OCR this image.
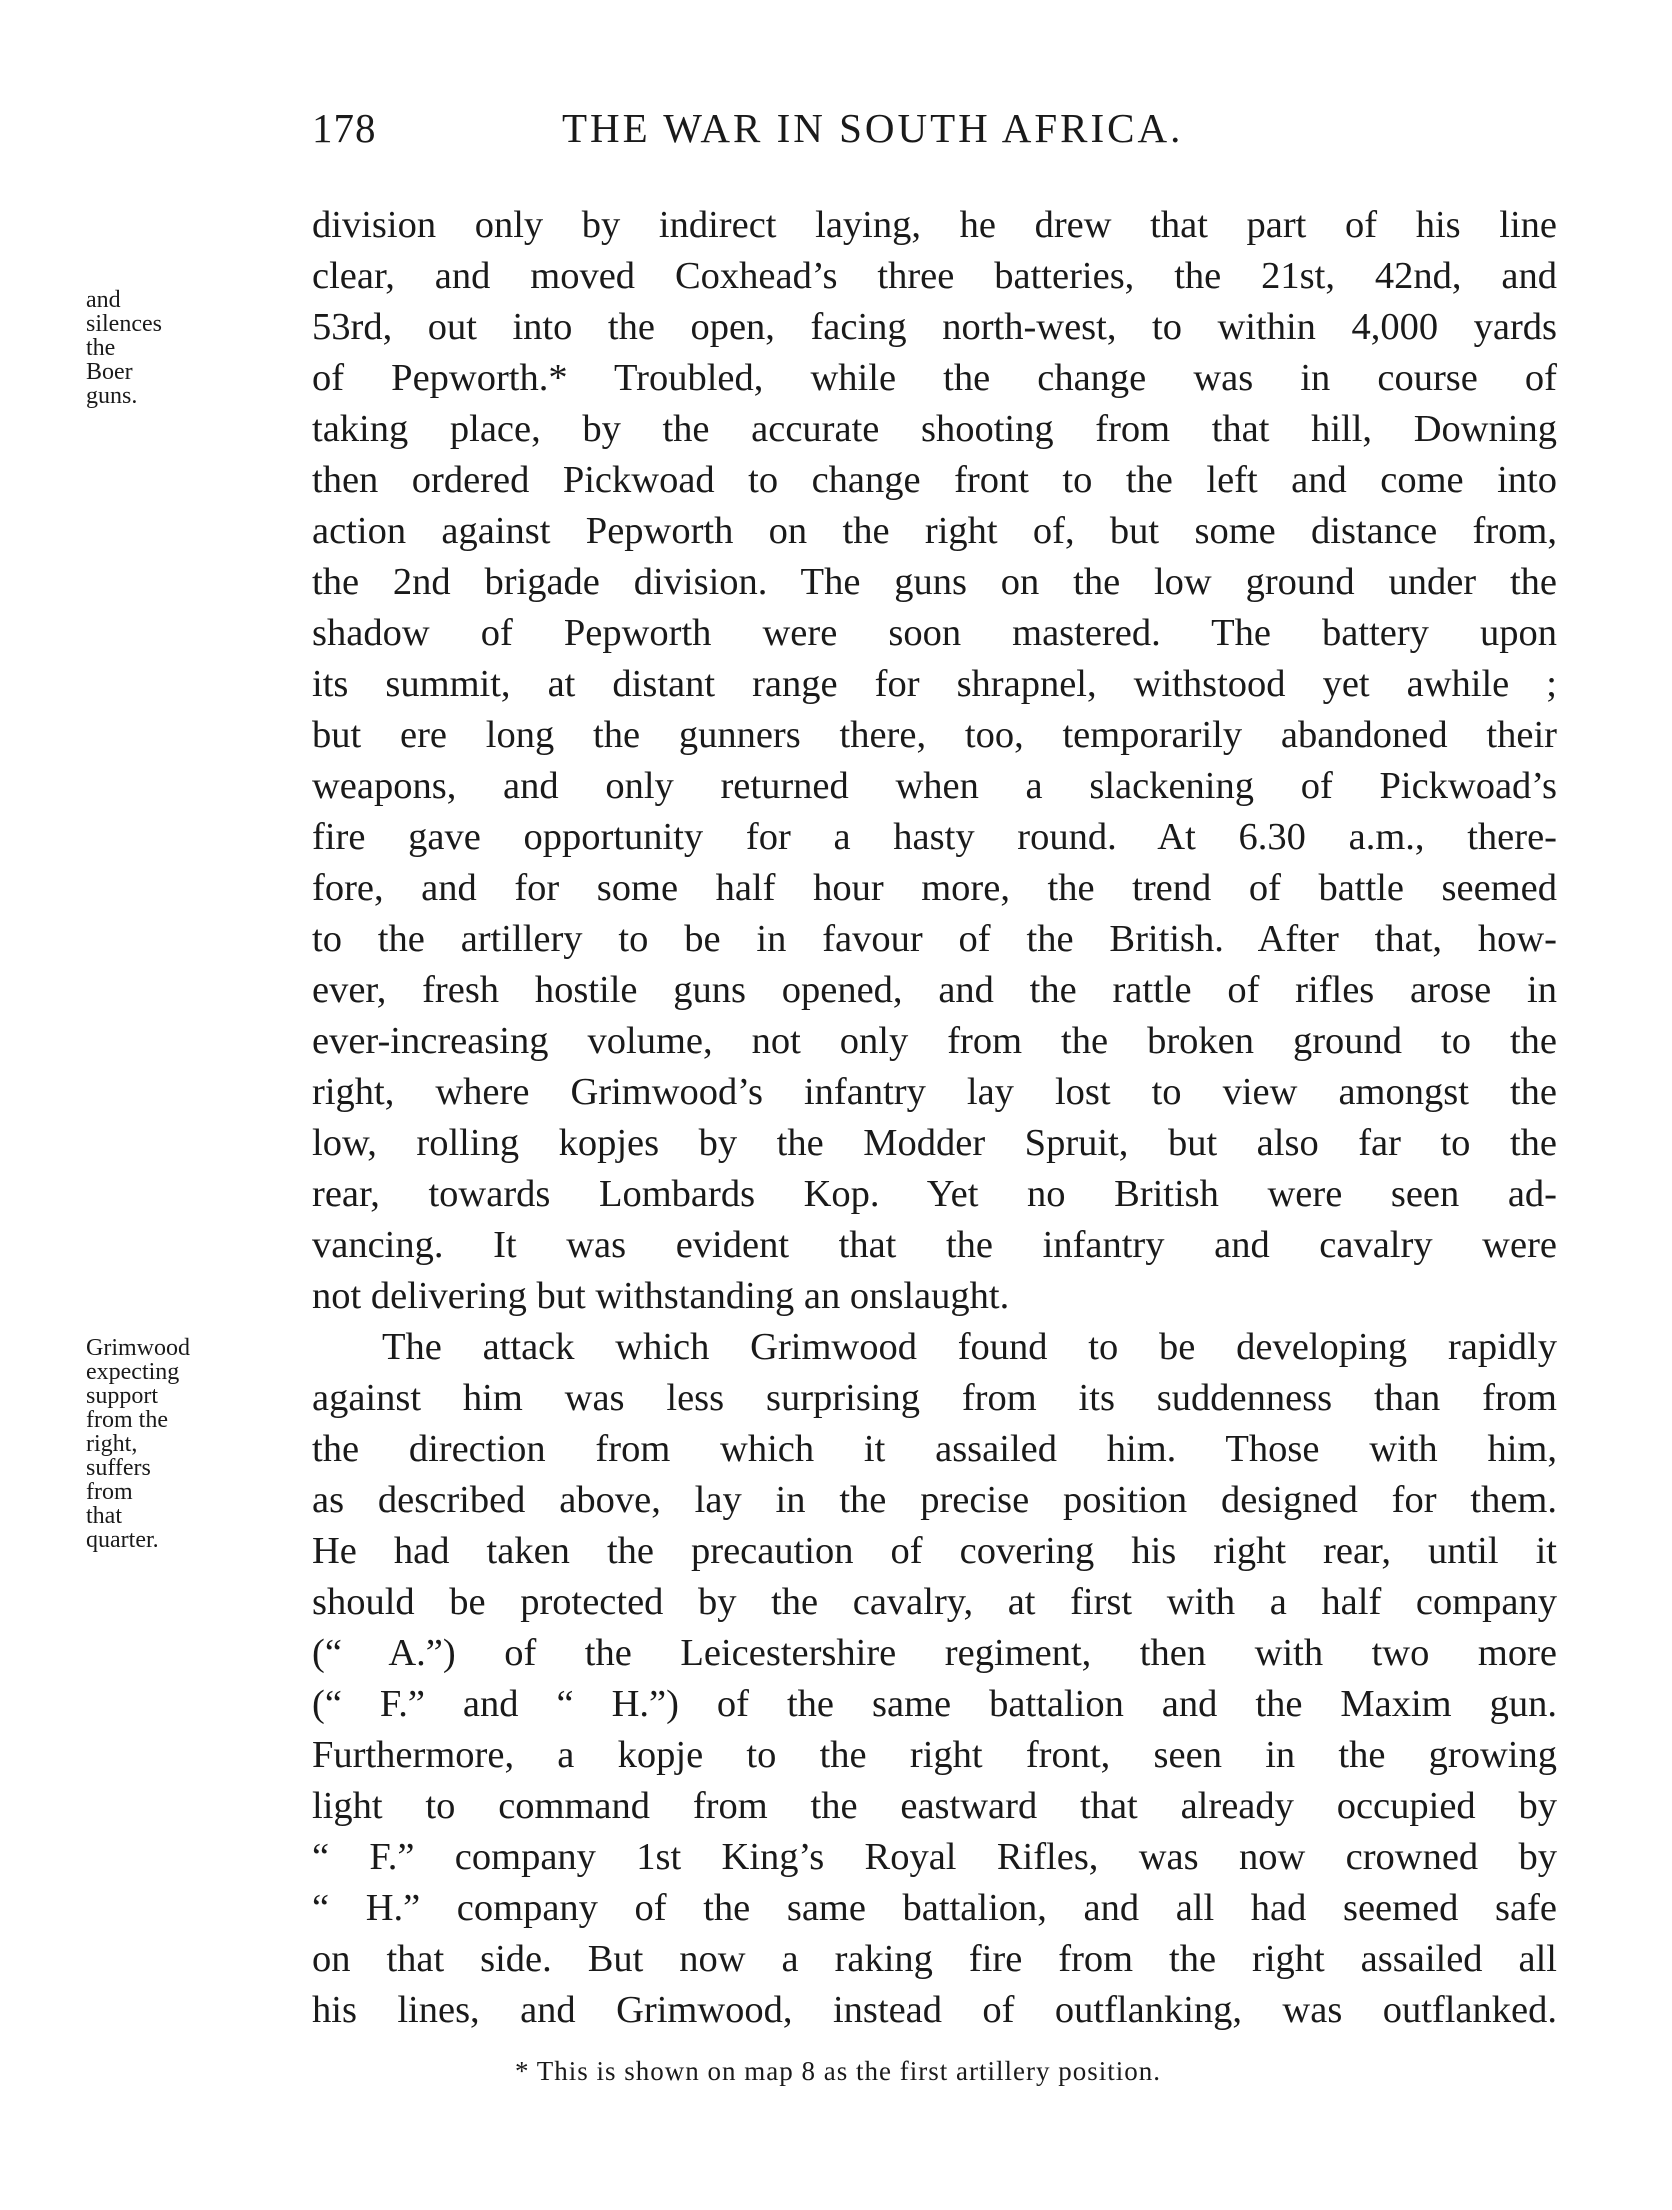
178	THE WAR IN SOUTH AFRICA.
and
silences
the
Boer
guns.
Grimwood
expecting
support
from the
right,
suffers
from
that
quarter.
division only by indirect laying, he drew that part of his line
clear, and moved Coxhead’s three batteries, the 21st, 42nd, and
53rd, out into the open, facing north-west, to within 4,000 yards
of Pepworth.* Troubled, while the change was in course of
taking place, by the accurate shooting from that hill, Downing
then ordered Pickwoad to change front to the left and come into
action against Pepworth on the right of, but some distance from,
the 2nd brigade division. The guns on the low ground under the
shadow of Pepworth were soon mastered. The battery upon
its summit, at distant range for shrapnel, withstood yet awhile ;
but ere long the gunners there, too, temporarily abandoned their
weapons, and only returned when a slackening of Pickwoad’s
fire gave opportunity for a hasty round. At 6.30 a.m., there-
fore, and for some half hour more, the trend of battle seemed
to the artillery to be in favour of the British. After that, how-
ever, fresh hostile guns opened, and the rattle of rifles arose in
ever-increasing volume, not only from the broken ground to the
right, where Grimwood’s infantry lay lost to view amongst the
low, rolling kopjes by the Modder Spruit, but also far to the
rear, towards Lombards Kop. Yet no British were seen ad-
vancing. It was evident that the infantry and cavalry were
not delivering but withstanding an onslaught.
The attack which Grimwood found to be developing rapidly
against him was less surprising from its suddenness than from
the direction from which it assailed him. Those with him,
as described above, lay in the precise position designed for them.
He had taken the precaution of covering his right rear, until it
should be protected by the cavalry, at first with a half company
(“ A.”) of the Leicestershire regiment, then with two more
(“ F.” and “ H.”) of the same battalion and the Maxim gun.
Furthermore, a kopje to the right front, seen in the growing
light to command from the eastward that already occupied by
“ F.” company 1st King’s Royal Rifles, was now crowned by
“ H.” company of the same battalion, and all had seemed safe
on that side. But now a raking fire from the right assailed all
his lines, and Grimwood, instead of outflanking, was outflanked.
* This is shown on map 8 as the first artillery position.
